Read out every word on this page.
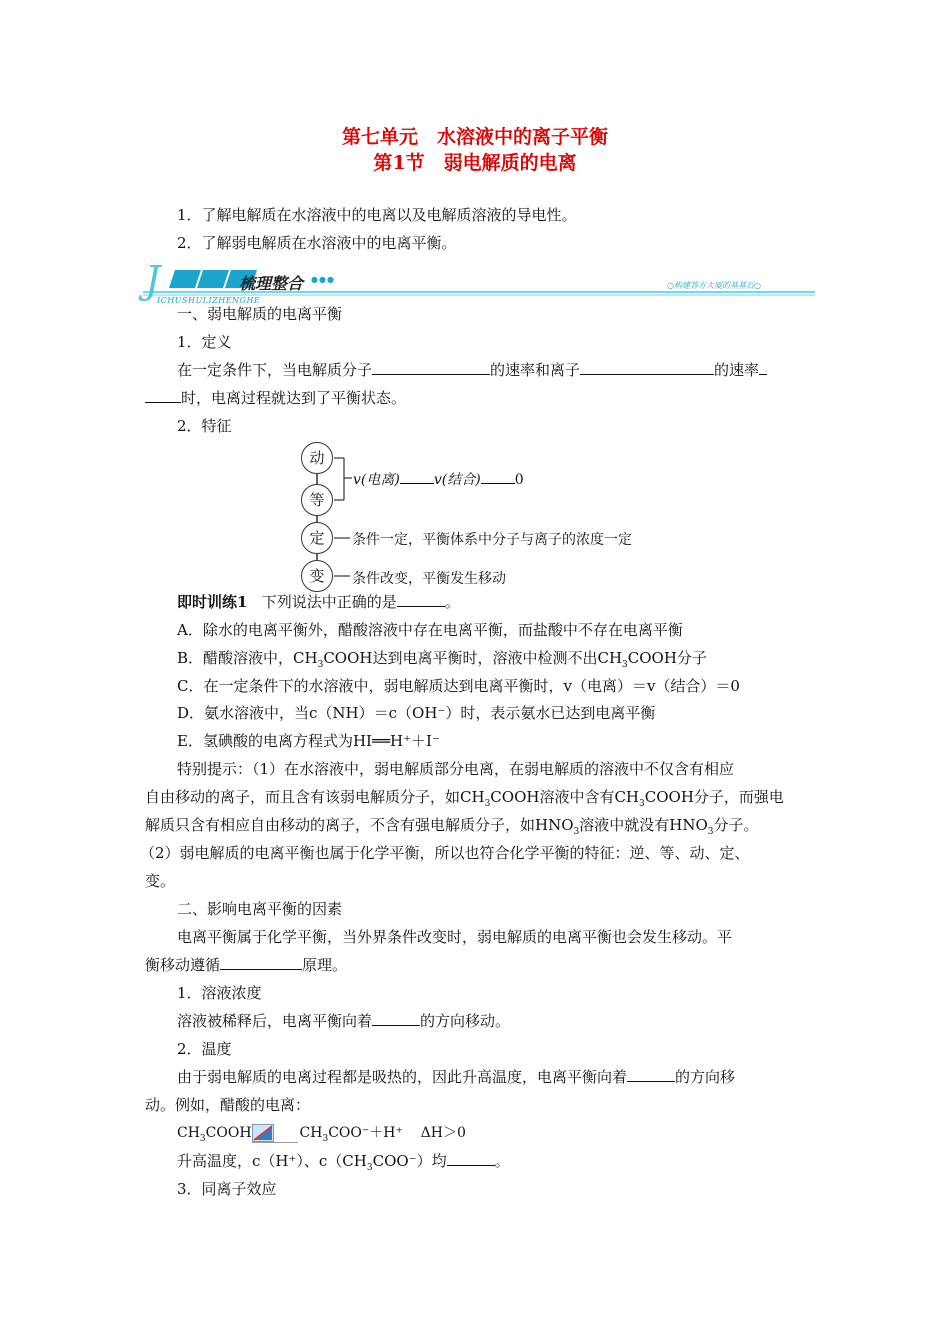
第七单元　水溶液中的离子平衡
第1节　弱电解质的电离
1．了解电解质在水溶液中的电离以及电解质溶液的导电性。
2．了解弱电解质在水溶液中的电离平衡。
J	梳理整合 ●●●
ICHUSHULIZHENGHE
○构建答方大厦的基基石○
一、弱电解质的电离平衡
1．定义
在一定条件下，当电解质分子	的速率和离子	的速率
时，电离过程就达到了平衡状态。
2．特征
动
等
定
变
v(电离) v(结合) 0
条件一定，平衡体系中分子与离子的浓度一定
条件改变，平衡发生移动
即时训练1 下列说法中正确的是	。
A．除水的电离平衡外，醋酸溶液中存在电离平衡，而盐酸中不存在电离平衡
B．醋酸溶液中，$CH_3COOH$达到电离平衡时，溶液中检测不出$CH_3COOH$分子
C．在一定条件下的水溶液中，弱电解质达到电离平衡时，v（电离）＝v（结合）＝0
D．氨水溶液中，当c（NH）＝c（OH⁻）时，表示氨水已达到电离平衡
E．氢碘酸的电离方程式为HI══H⁺＋I⁻
特别提示：（1）在水溶液中，弱电解质部分电离，在弱电解质的溶液中不仅含有相应
自由移动的离子，而且含有该弱电解质分子，如$CH_3COOH$溶液中含有$CH_3COOH$分子，而强电
解质只含有相应自由移动的离子，不含有强电解质分子，如$HNO_3$溶液中就没有$HNO_3$分子。
（2）弱电解质的电离平衡也属于化学平衡，所以也符合化学平衡的特征：逆、等、动、定、
变。
二、影响电离平衡的因素
电离平衡属于化学平衡，当外界条件改变时，弱电解质的电离平衡也会发生移动。平
衡移动遵循	原理。
1．溶液浓度
溶液被稀释后，电离平衡向着	的方向移动。
2．温度
由于弱电解质的电离过程都是吸热的，因此升高温度，电离平衡向着	的方向移
动。例如，醋酸的电离：
$CH_3COOH$	$CH_3COO^-+H^+$ ΔH＞0
升高温度，c（H⁺）、$c(CH_3COO^-)$均	。
3．同离子效应
